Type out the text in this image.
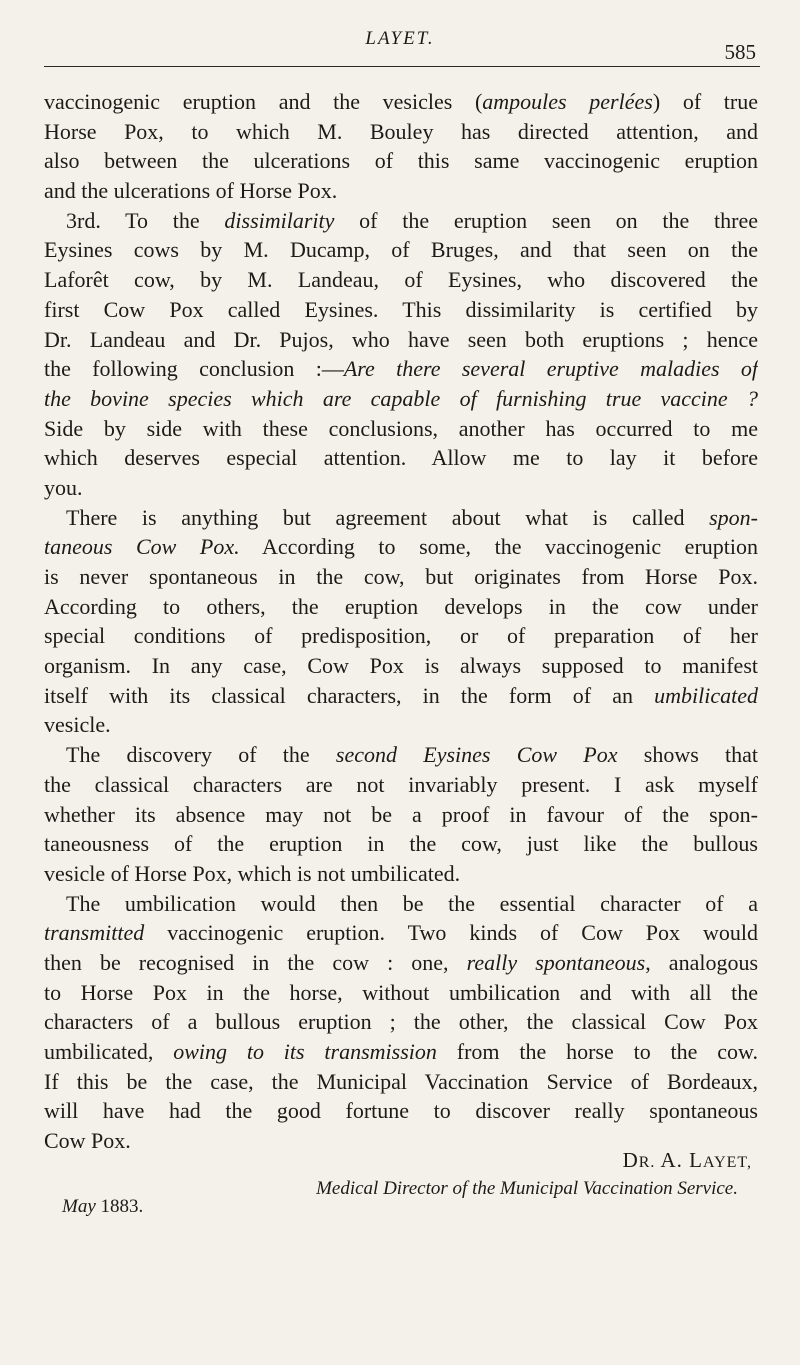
LAYET.
585
vaccinogenic eruption and the vesicles (ampoules perlées) of true
Horse Pox, to which M. Bouley has directed attention, and
also between the ulcerations of this same vaccinogenic eruption
and the ulcerations of Horse Pox.
3rd. To the dissimilarity of the eruption seen on the three
Eysines cows by M. Ducamp, of Bruges, and that seen on the
Laforêt cow, by M. Landeau, of Eysines, who discovered the
first Cow Pox called Eysines. This dissimilarity is certified by
Dr. Landeau and Dr. Pujos, who have seen both eruptions ; hence
the following conclusion :—Are there several eruptive maladies of
the bovine species which are capable of furnishing true vaccine ?
Side by side with these conclusions, another has occurred to me
which deserves especial attention. Allow me to lay it before
you.
There is anything but agreement about what is called spon-
taneous Cow Pox. According to some, the vaccinogenic eruption
is never spontaneous in the cow, but originates from Horse Pox.
According to others, the eruption develops in the cow under
special conditions of predisposition, or of preparation of her
organism. In any case, Cow Pox is always supposed to manifest
itself with its classical characters, in the form of an umbilicated
vesicle.
The discovery of the second Eysines Cow Pox shows that
the classical characters are not invariably present. I ask myself
whether its absence may not be a proof in favour of the spon-
taneousness of the eruption in the cow, just like the bullous
vesicle of Horse Pox, which is not umbilicated.
The umbilication would then be the essential character of a
transmitted vaccinogenic eruption. Two kinds of Cow Pox would
then be recognised in the cow : one, really spontaneous, analogous
to Horse Pox in the horse, without umbilication and with all the
characters of a bullous eruption ; the other, the classical Cow Pox
umbilicated, owing to its transmission from the horse to the cow.
If this be the case, the Municipal Vaccination Service of Bordeaux,
will have had the good fortune to discover really spontaneous
Cow Pox.
DR. A. LAYET,
Medical Director of the Municipal Vaccination Service.
May 1883.
